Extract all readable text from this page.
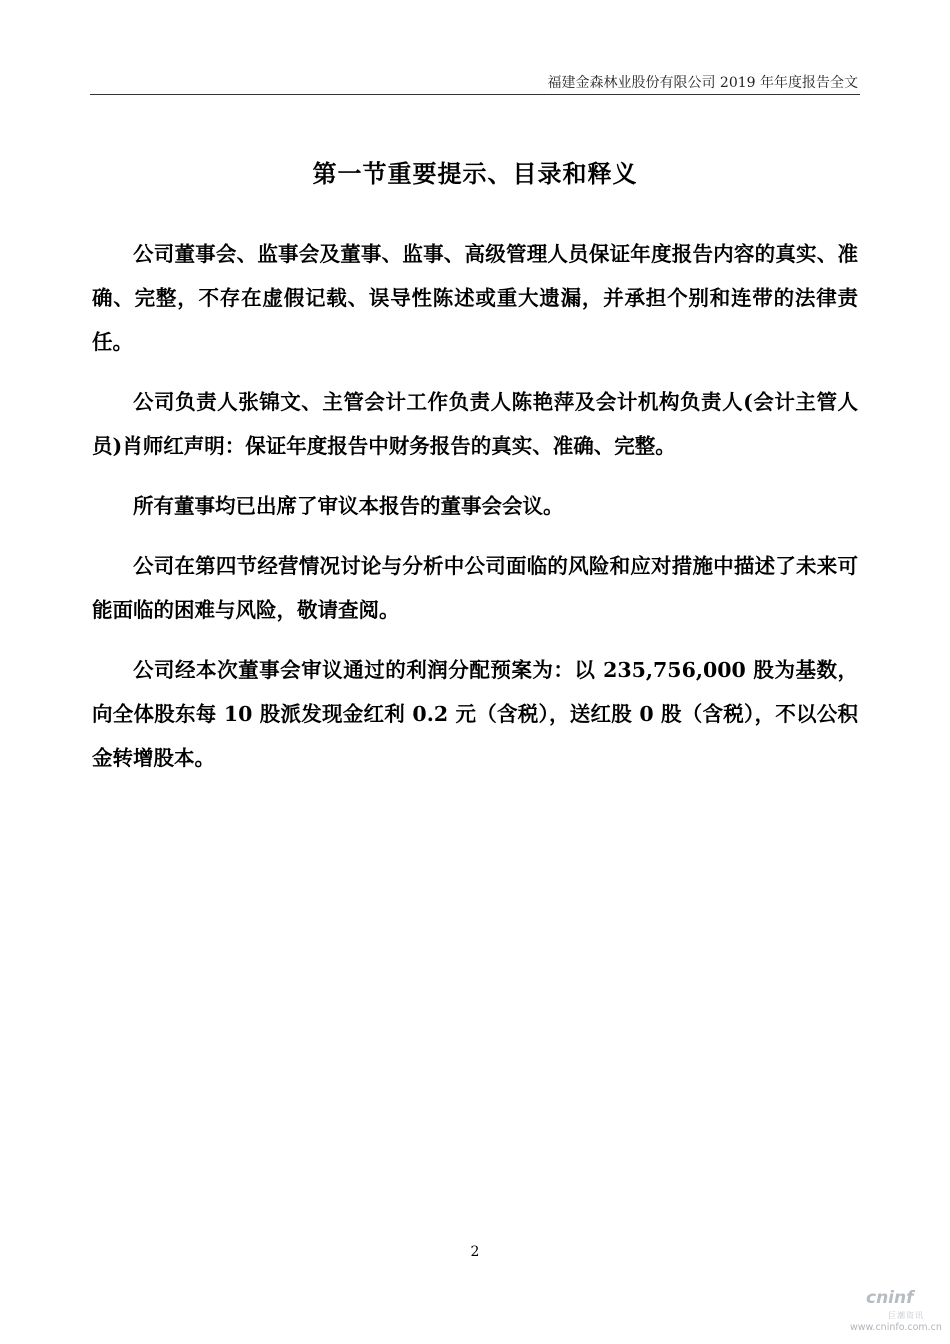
福建金森林业股份有限公司 2019 年年度报告全文
第一节重要提示、目录和释义

公司董事会、监事会及董事、监事、高级管理人员保证年度报告内容的真实、准确、完整，不存在虚假记载、误导性陈述或重大遗漏，并承担个别和连带的法律责任。

公司负责人张锦文、主管会计工作负责人陈艳萍及会计机构负责人(会计主管人员)肖师红声明：保证年度报告中财务报告的真实、准确、完整。

所有董事均已出席了审议本报告的董事会会议。

公司在第四节经营情况讨论与分析中公司面临的风险和应对措施中描述了未来可能面临的困难与风险，敬请查阅。

公司经本次董事会审议通过的利润分配预案为：以 235,756,000 股为基数，向全体股东每 10 股派发现金红利 0.2 元（含税），送红股 0 股（含税），不以公积金转增股本。

2
cninf
巨潮资讯
www.cninfo.com.cn
